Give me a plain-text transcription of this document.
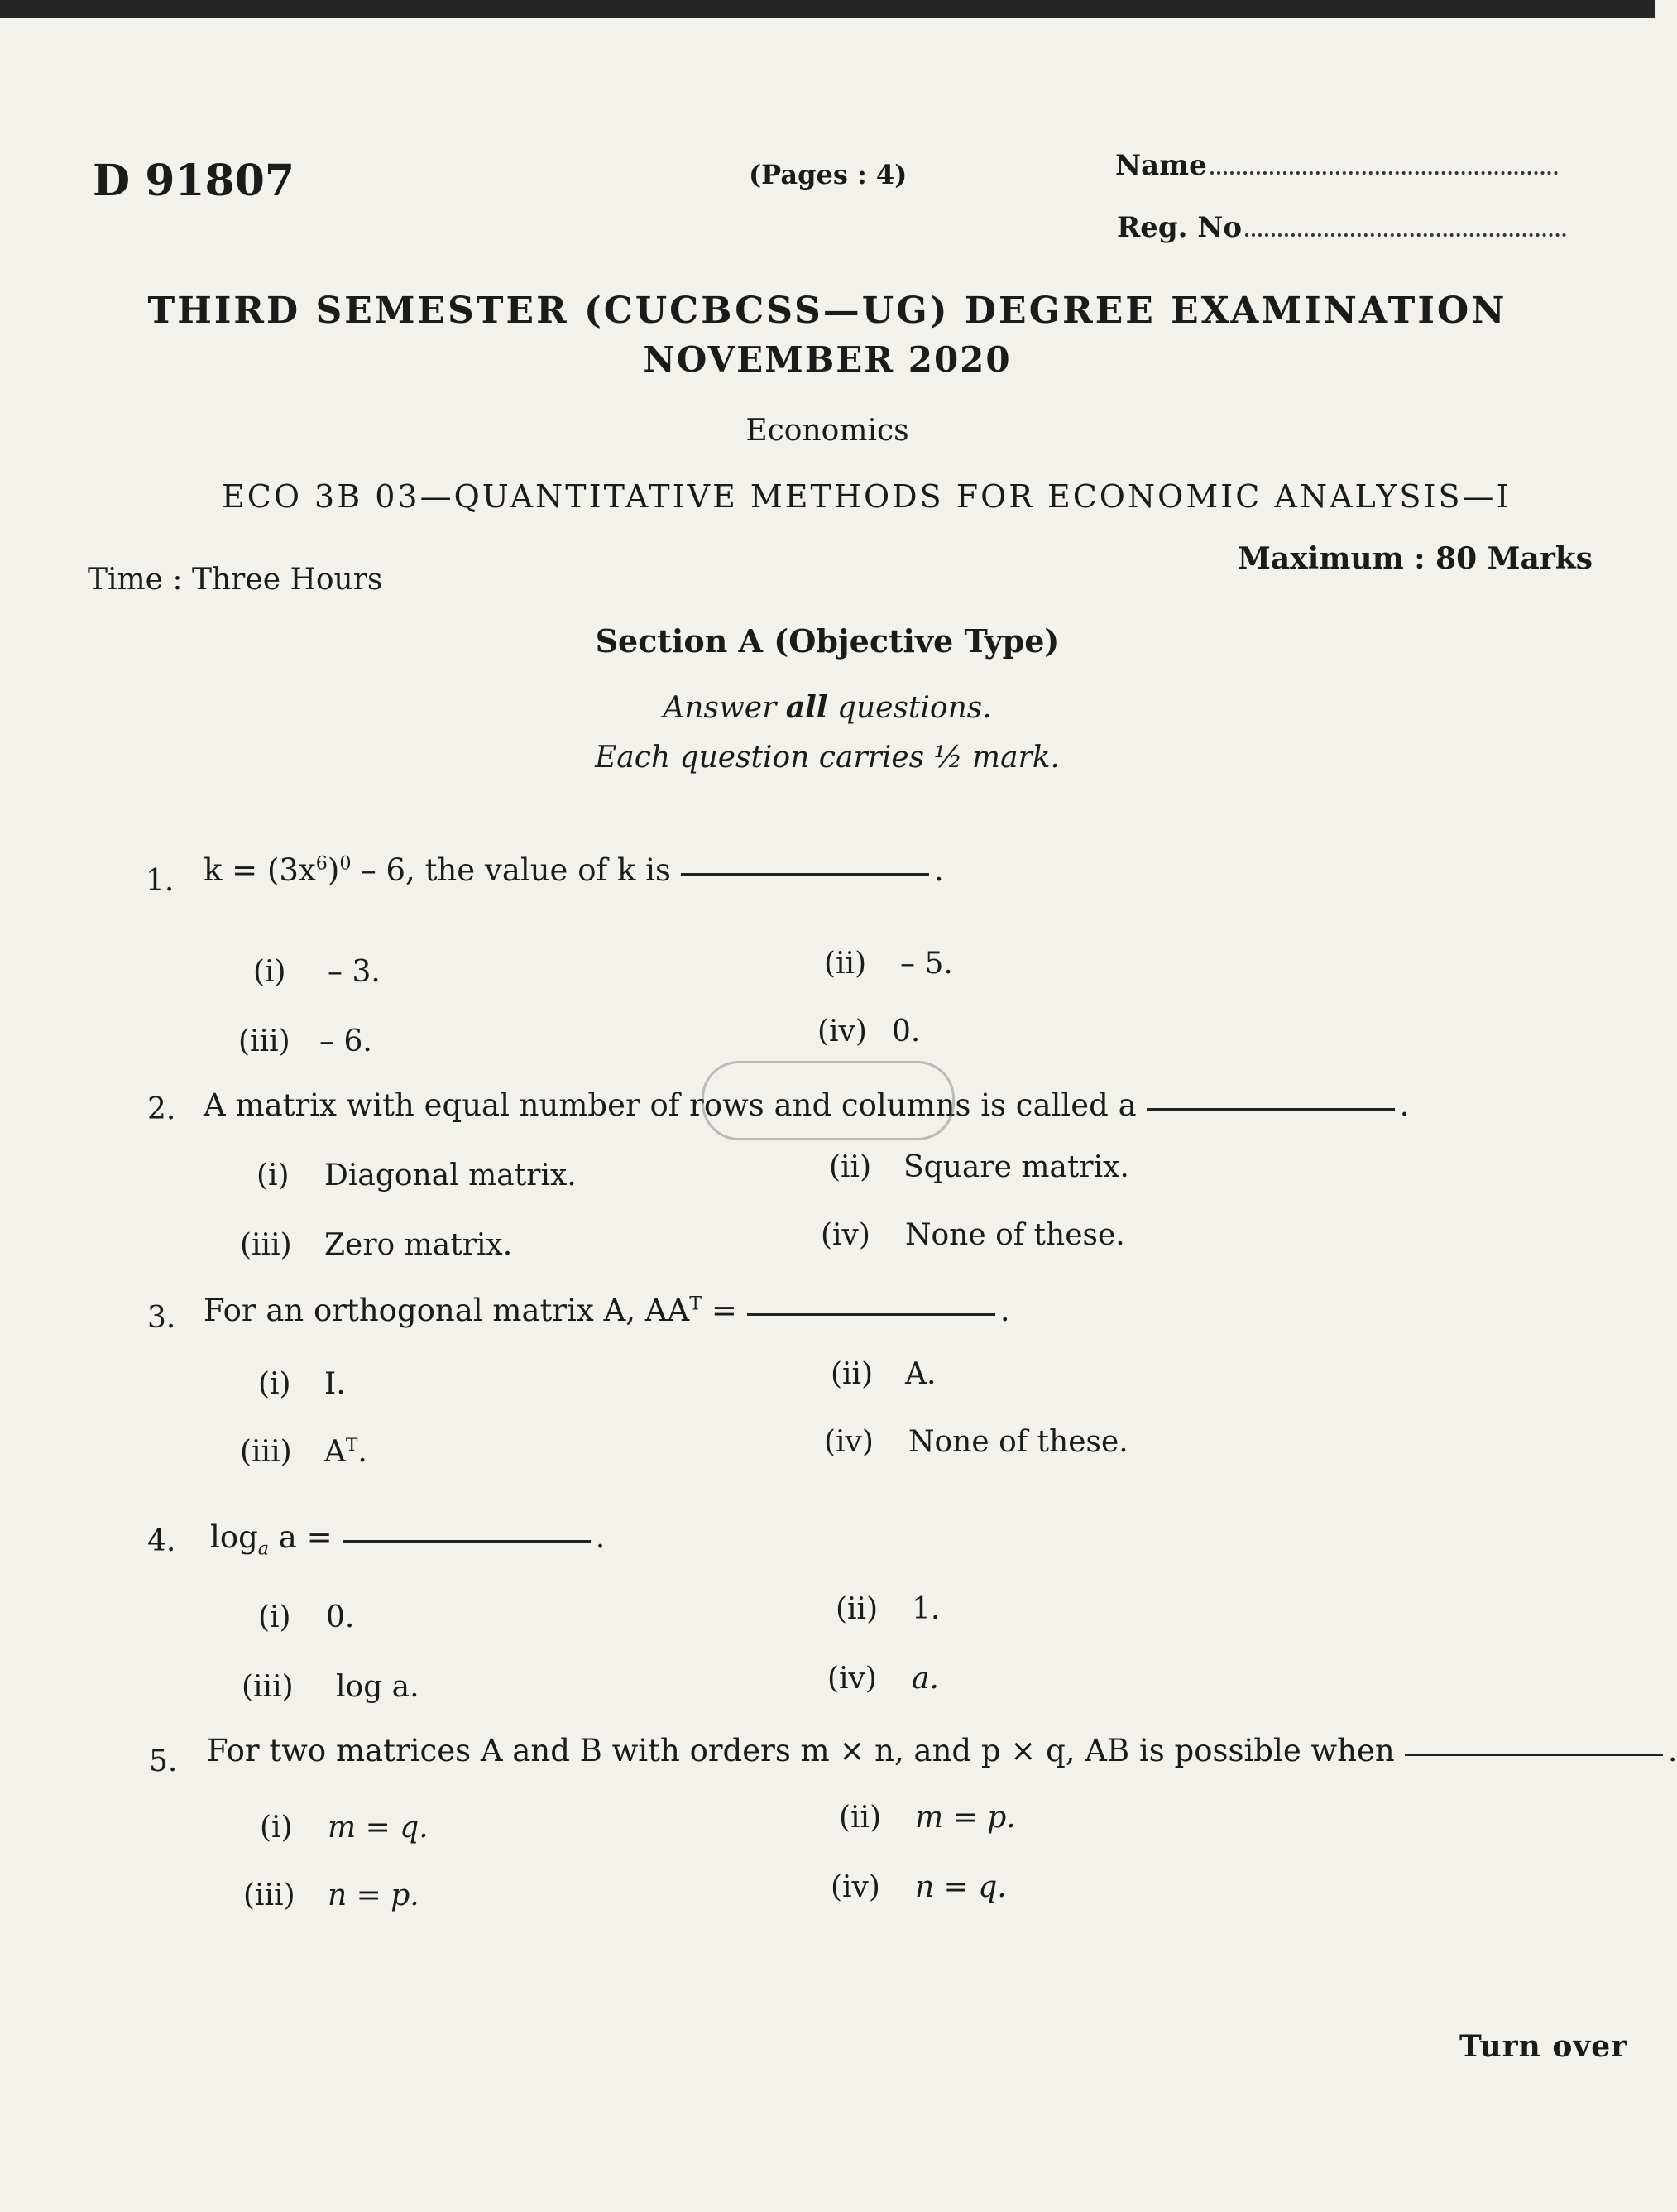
D 91807	(Pages : 4)	Name
Reg. No
THIRD SEMESTER (CUCBCSS—UG) DEGREE EXAMINATION
NOVEMBER 2020
Economics
ECO 3B 03—QUANTITATIVE METHODS FOR ECONOMIC ANALYSIS—I
Time : Three Hours
Maximum : 80 Marks
Section A (Objective Type)
Answer all questions.
Each question carries ½ mark.
1. $k = (3x^6)^0 - 6$, the value of k is	.
(i) – 3.	(ii) – 5.
(iii) – 6.	(iv) 0.
2. A matrix with equal number of rows and columns is called a	.
(i) Diagonal matrix.	(ii) Square matrix.
(iii) Zero matrix.	(iv) None of these.
3. For an orthogonal matrix A, $AA^T$ =	.
(i) I.	(ii) A.
(iii) $A^T$.	(iv) None of these.
4. $\log_a a$ =	.
(i) 0.	(ii) 1.
(iii) log a.	(iv) a.
5. For two matrices A and B with orders m × n, and p × q, AB is possible when	.
(i) m = q.	(ii) m = p.
(iii) n = p.	(iv) n = q.
Turn over
